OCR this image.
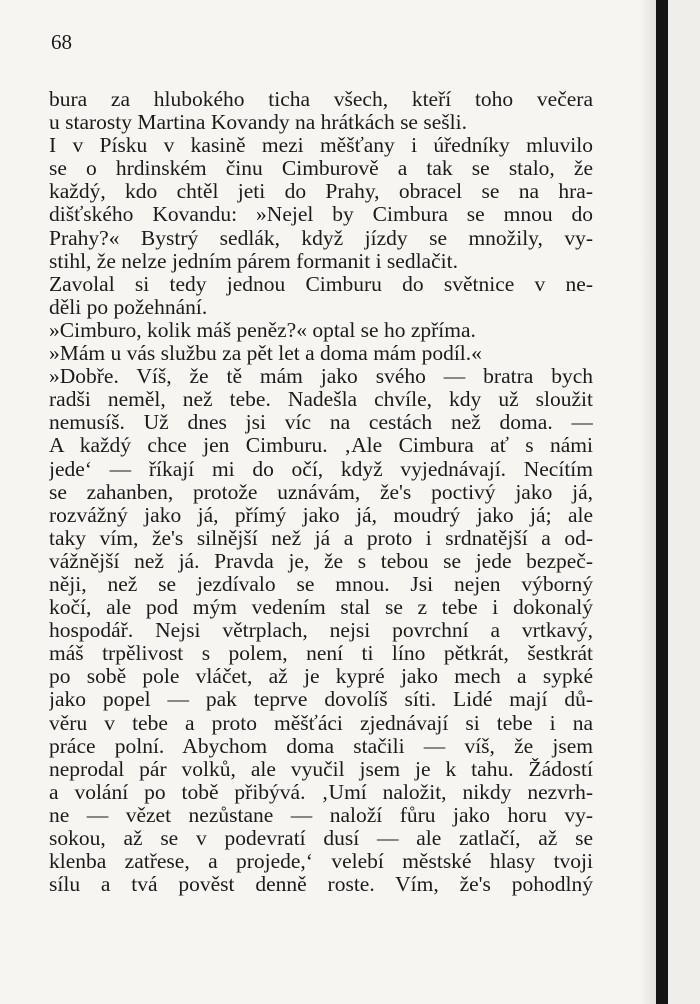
68

bura za hlubokého ticha všech, kteří toho večera
u starosty Martina Kovandy na hrátkách se sešli.
I v Písku v kasině mezi měšťany i úředníky mluvilo
se o hrdinském činu Cimburově a tak se stalo, že
každý, kdo chtěl jeti do Prahy, obracel se na hra-
dišťského Kovandu: »Nejel by Cimbura se mnou do
Prahy?« Bystrý sedlák, když jízdy se množily, vy-
stihl, že nelze jedním párem formanit i sedlačit.
Zavolal si tedy jednou Cimburu do světnice v ne-
děli po požehnání.
»Cimburo, kolik máš peněz?« optal se ho zpříma.
»Mám u vás službu za pět let a doma mám podíl.«
»Dobře. Víš, že tě mám jako svého — bratra bych
radši neměl, než tebe. Nadešla chvíle, kdy už sloužit
nemusíš. Už dnes jsi víc na cestách než doma. —
A každý chce jen Cimburu. ‚Ale Cimbura ať s námi
jede‘ — říkají mi do očí, když vyjednávají. Necítím
se zahanben, protože uznávám, že's poctivý jako já,
rozvážný jako já, přímý jako já, moudrý jako já; ale
taky vím, že's silnější než já a proto i srdnatější a od-
vážnější než já. Pravda je, že s tebou se jede bezpeč-
něji, než se jezdívalo se mnou. Jsi nejen výborný
kočí, ale pod mým vedením stal se z tebe i dokonalý
hospodář. Nejsi větrplach, nejsi povrchní a vrtkavý,
máš trpělivost s polem, není ti líno pětkrát, šestkrát
po sobě pole vláčet, až je kypré jako mech a sypké
jako popel — pak teprve dovolíš síti. Lidé mají dů-
věru v tebe a proto měšťáci zjednávají si tebe i na
práce polní. Abychom doma stačili — víš, že jsem
neprodal pár volků, ale vyučil jsem je k tahu. Žádostí
a volání po tobě přibývá. ‚Umí naložit, nikdy nezvrh-
ne — vězet nezůstane — naloží fůru jako horu vy-
sokou, až se v podevratí dusí — ale zatlačí, až se
klenba zatřese, a projede,‘ velebí městské hlasy tvoji
sílu a tvá pověst denně roste. Vím, že's pohodlný
